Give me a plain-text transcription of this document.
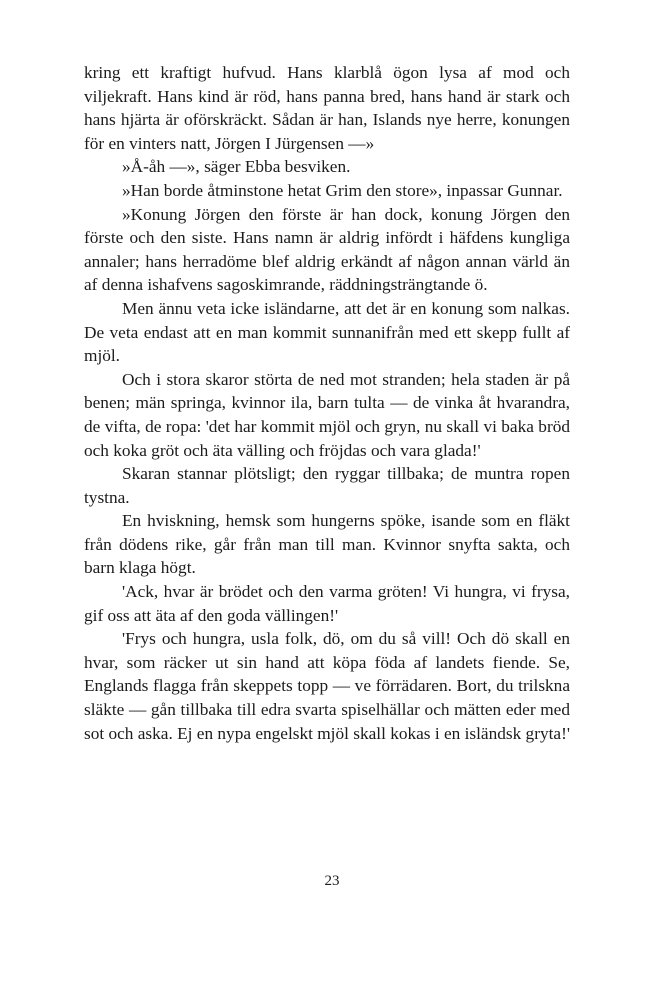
kring ett kraftigt hufvud. Hans klarblå ögon lysa af mod och viljekraft. Hans kind är röd, hans panna bred, hans hand är stark och hans hjärta är oförskräckt. Sådan är han, Islands nye herre, konungen för en vinters natt, Jörgen I Jürgensen —»

»Å-åh —», säger Ebba besviken.

»Han borde åtminstone hetat Grim den store», inpassar Gunnar.

»Konung Jörgen den förste är han dock, konung Jörgen den förste och den siste. Hans namn är aldrig infördt i häfdens kungliga annaler; hans herradöme blef aldrig erkändt af någon annan värld än af denna ishafvens sagoskimrande, räddningsträngtande ö.

Men ännu veta icke isländarne, att det är en konung som nalkas. De veta endast att en man kommit sunnanifrån med ett skepp fullt af mjöl.

Och i stora skaror störta de ned mot stranden; hela staden är på benen; män springa, kvinnor ila, barn tulta — de vinka åt hvarandra, de vifta, de ropa: 'det har kommit mjöl och gryn, nu skall vi baka bröd och koka gröt och äta välling och fröjdas och vara glada!'

Skaran stannar plötsligt; den ryggar tillbaka; de muntra ropen tystna.

En hviskning, hemsk som hungerns spöke, isande som en fläkt från dödens rike, går från man till man. Kvinnor snyfta sakta, och barn klaga högt.

'Ack, hvar är brödet och den varma gröten! Vi hungra, vi frysa, gif oss att äta af den goda vällingen!'

'Frys och hungra, usla folk, dö, om du så vill! Och dö skall en hvar, som räcker ut sin hand att köpa föda af landets fiende. Se, Englands flagga från skeppets topp — ve förrädaren. Bort, du trilskna släkte — gån tillbaka till edra svarta spiselhällar och mätten eder med sot och aska. Ej en nypa engelskt mjöl skall kokas i en isländsk gryta!'

23
